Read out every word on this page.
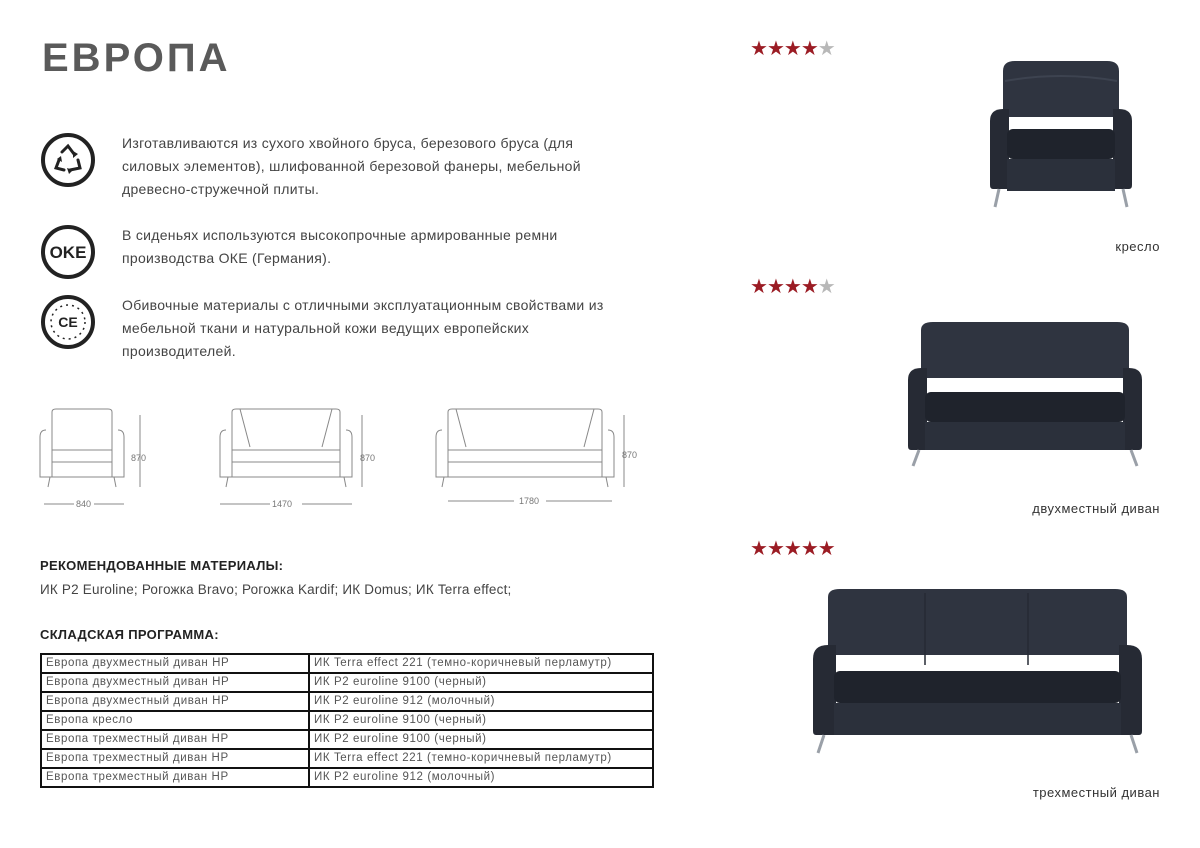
ЕВРОПА
Изготавливаются из сухого хвойного бруса, березового бруса (для силовых элементов), шлифованной березовой фанеры, мебельной древесно-стружечной плиты.
OKE
В сиденьях используются высокопрочные армированные ремни производства ОКЕ (Германия).
CE
Обивочные материалы с отличными эксплуатационным свойствами из мебельной ткани и натуральной кожи ведущих европейских производителей.
870
840
870
1470
870
1780
РЕКОМЕНДОВАННЫЕ МАТЕРИАЛЫ:
ИК P2 Euroline; Рогожка Bravo; Рогожка Kardif; ИК Domus; ИК Terra effect;
СКЛАДСКАЯ ПРОГРАММА:
Европа двухместный диван HP	ИК Terra effect 221 (темно-коричневый перламутр)
Европа двухместный диван HP	ИК P2 euroline 9100 (черный)
Европа двухместный диван HP	ИК P2 euroline 912 (молочный)
Европа кресло	ИК P2 euroline 9100 (черный)
Европа трехместный диван HP	ИК P2 euroline 9100 (черный)
Европа трехместный диван HP	ИК Terra effect 221 (темно-коричневый перламутр)
Европа трехместный диван HP	ИК P2 euroline 912 (молочный)
★★★★★
кресло
★★★★★
двухместный диван
★★★★★
трехместный диван
